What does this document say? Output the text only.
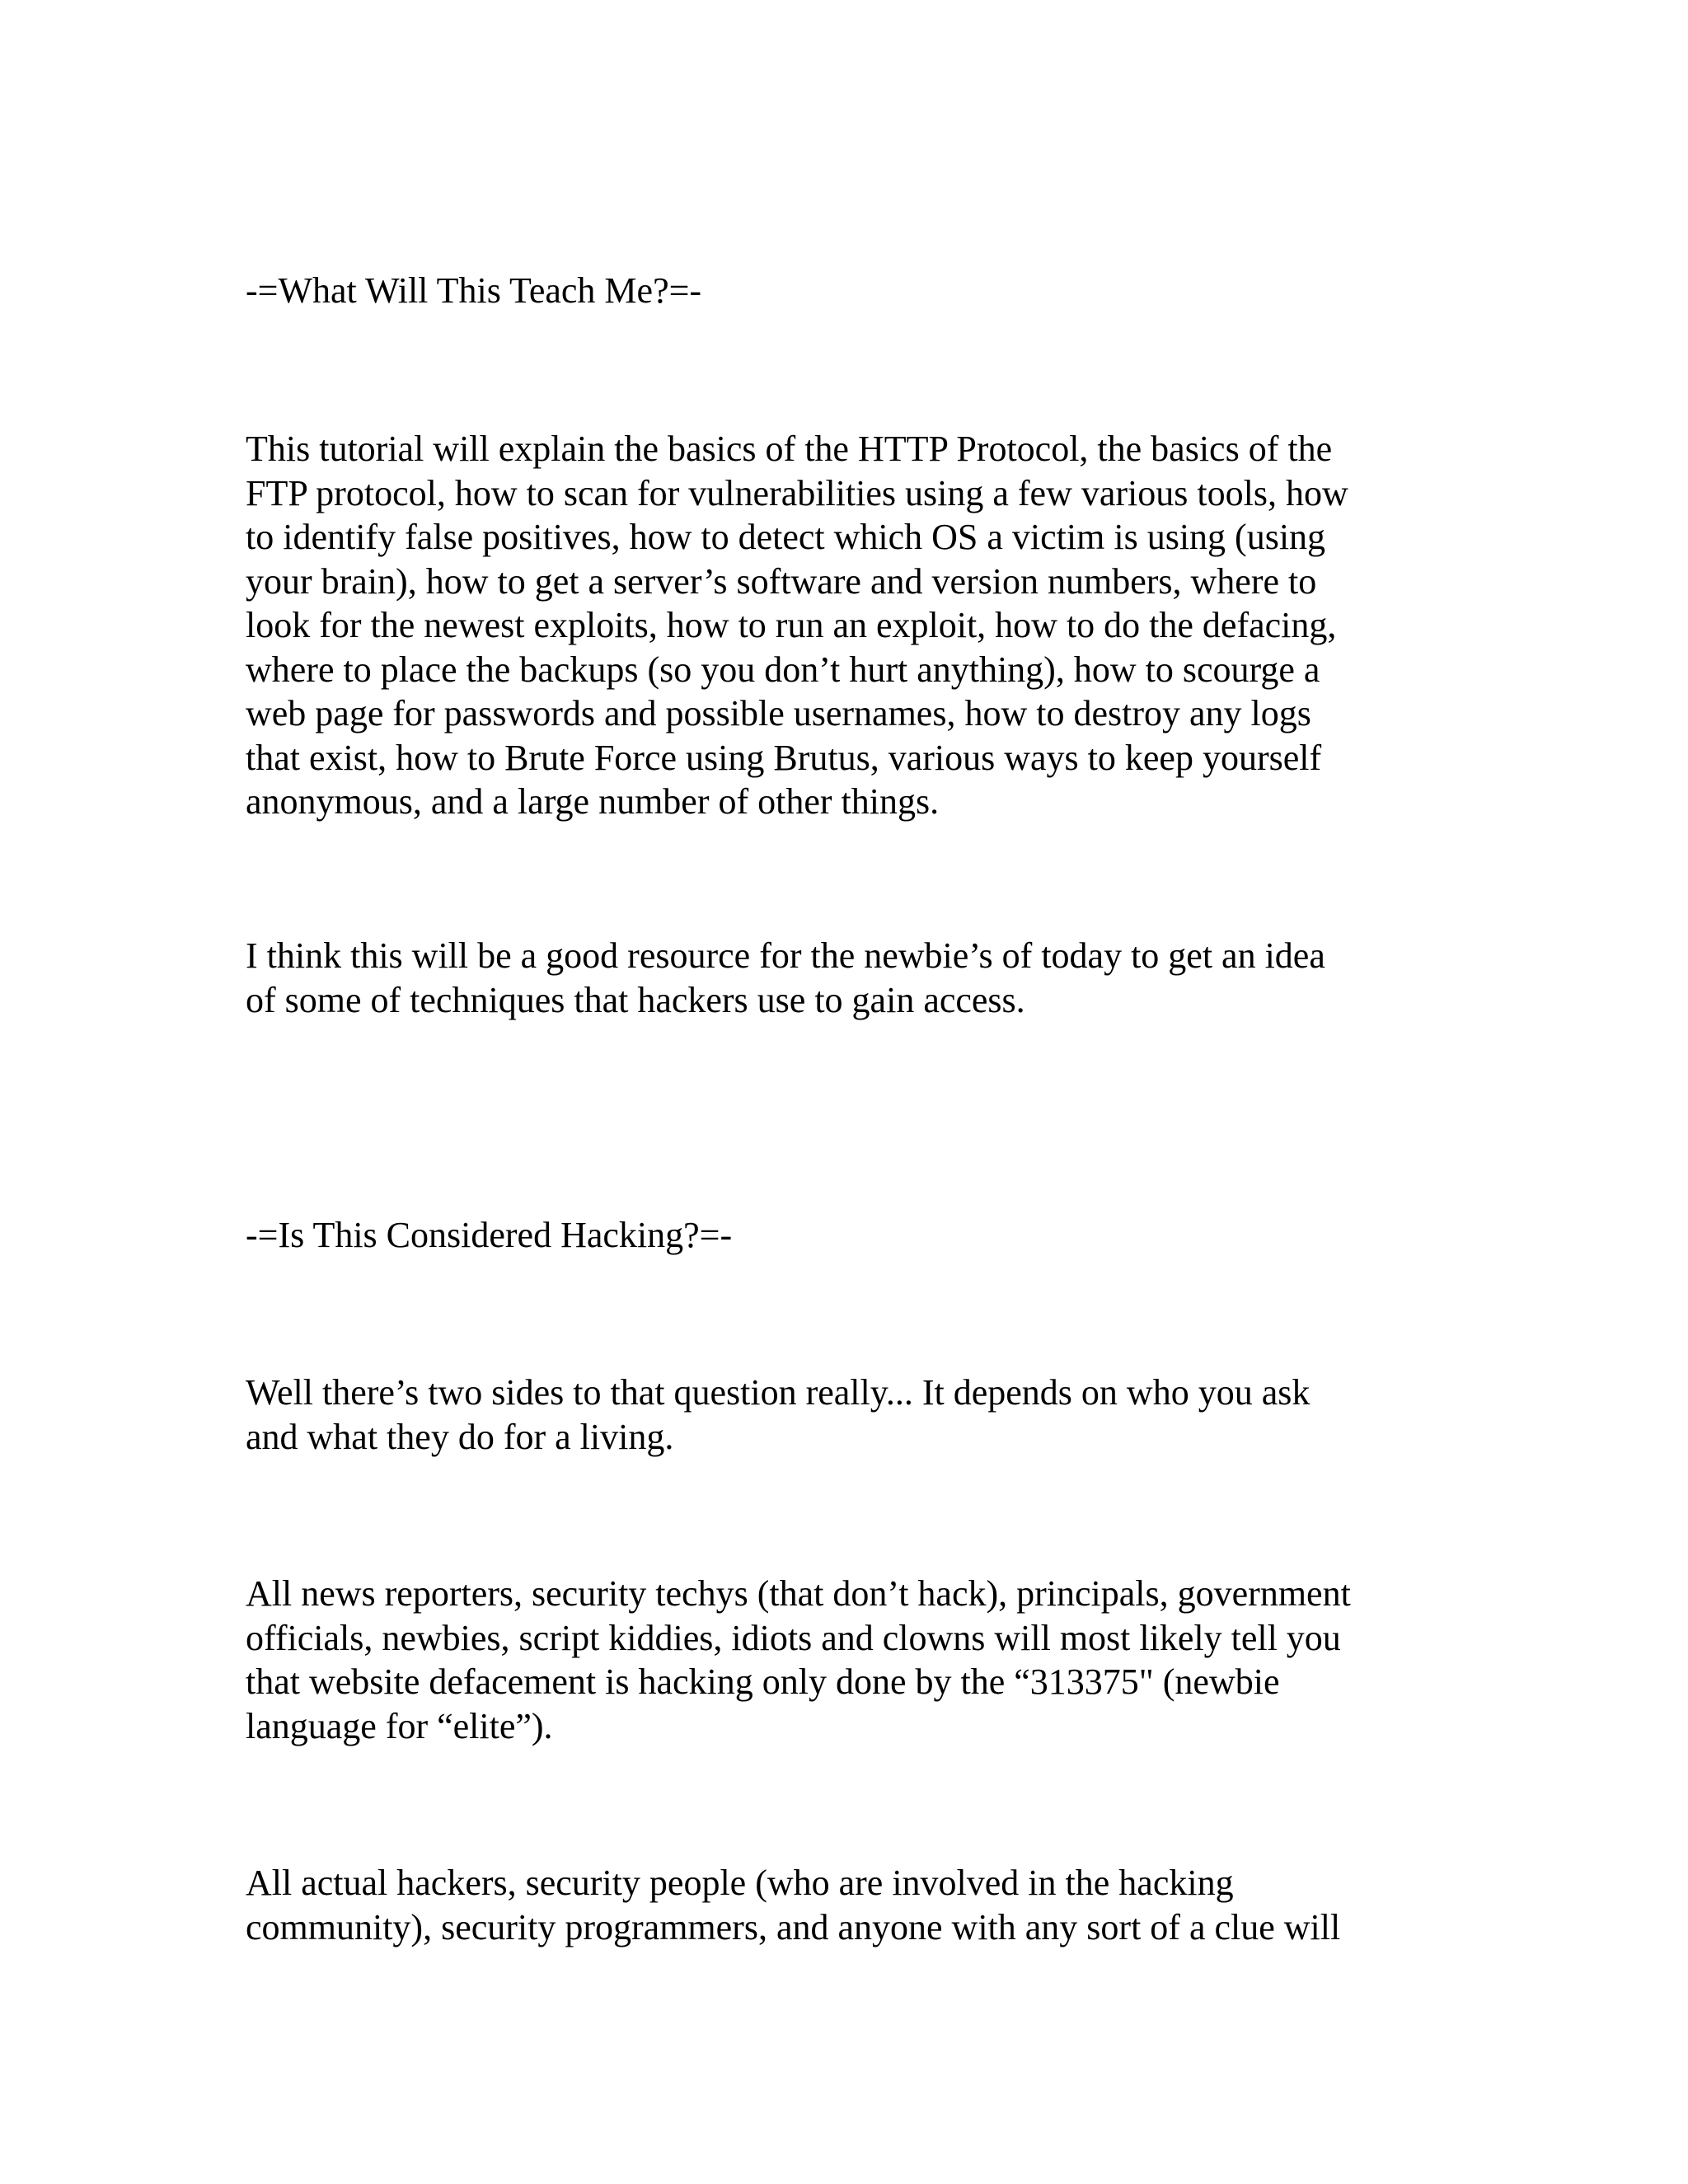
-=What Will This Teach Me?=-

This tutorial will explain the basics of the HTTP Protocol, the basics of the
FTP protocol, how to scan for vulnerabilities using a few various tools, how
to identify false positives, how to detect which OS a victim is using (using
your brain), how to get a server’s software and version numbers, where to
look for the newest exploits, how to run an exploit, how to do the defacing,
where to place the backups (so you don’t hurt anything), how to scourge a
web page for passwords and possible usernames, how to destroy any logs
that exist, how to Brute Force using Brutus, various ways to keep yourself
anonymous, and a large number of other things.

I think this will be a good resource for the newbie’s of today to get an idea
of some of techniques that hackers use to gain access.

-=Is This Considered Hacking?=-

Well there’s two sides to that question really... It depends on who you ask
and what they do for a living.

All news reporters, security techys (that don’t hack), principals, government
officials, newbies, script kiddies, idiots and clowns will most likely tell you
that website defacement is hacking only done by the “313375" (newbie
language for “elite”).

All actual hackers, security people (who are involved in the hacking
community), security programmers, and anyone with any sort of a clue will
